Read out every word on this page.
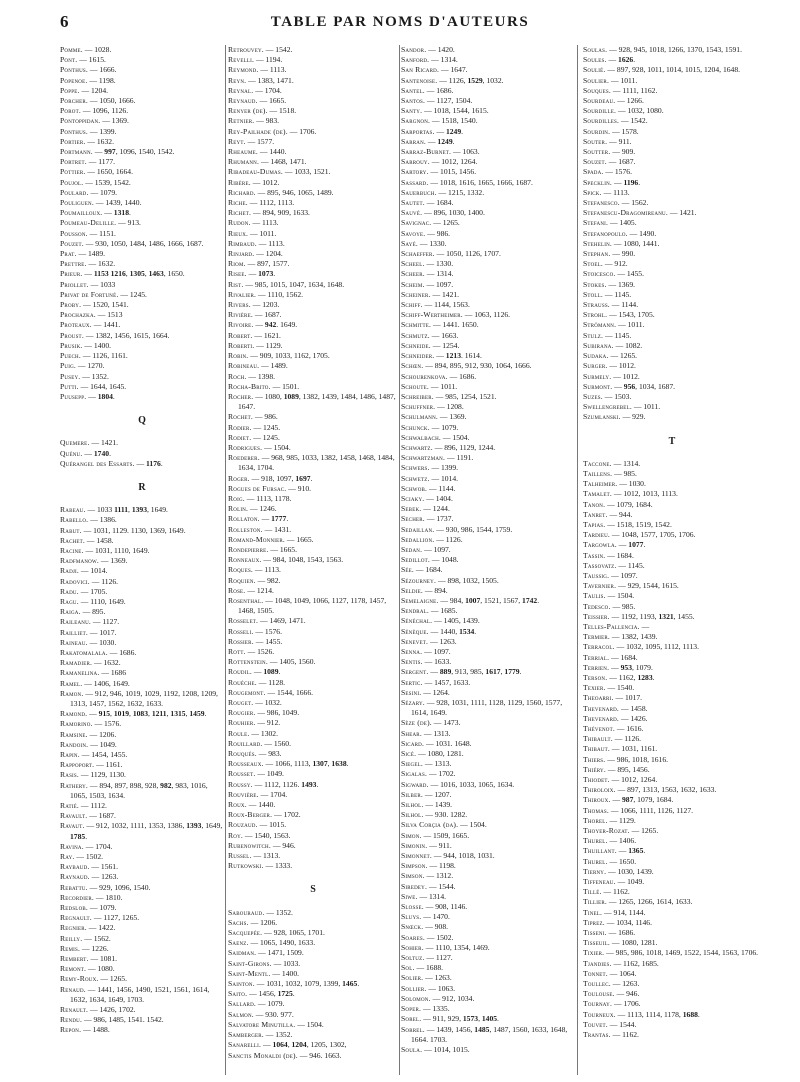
6	TABLE PAR NOMS D'AUTEURS
Pomme. — 1028.
Pont. — 1615.
Ponthus. — 1666.
Popenoe. — 1198.
Poppe. — 1204.
Porcher. — 1050, 1666.
Porot. — 1096, 1126.
Pontoppidan. — 1369.
Ponthus. — 1399.
Portier. — 1632.
Portmann. — 997, 1096, 1540, 1542.
Portret. — 1177.
Pottier. — 1650, 1664.
Poujol. — 1539, 1542.
Poulard. — 1079.
Pouliguen. — 1439, 1440.
Poumailloux. — 1318.
Poumeau-Delille. — 913.
Pousson. — 1151.
Pouzet. — 930, 1050, 1484, 1486, 1666, 1687.
Prat. — 1489.
Prettre. — 1632.
Prieur. — 1153 1216, 1305, 1463, 1650.
Priollet. — 1033
Privat de Fortuné. — 1245.
Proby. — 1520, 1541.
Prochazka. — 1513
Proteaux. — 1441.
Proust. — 1382, 1456, 1615, 1664.
Prusik. — 1400.
Puech. — 1126, 1161.
Puig. — 1270.
Pusey. — 1352.
Putti. — 1644, 1645.
Puusepp. — 1804.
Q
Quemere. — 1421.
Quénu. — 1740.
Quérangel des Essarts. — 1176.
R
Rabeau. — 1033 1111, 1393, 1649.
Rabello. — 1386.
Rabut. — 1031, 1129. 1130, 1369, 1649.
Rachet. — 1458.
Racine. — 1031, 1110, 1649.
Radfmanow. — 1369.
Radji. — 1014.
Radovici. — 1126.
Radu. — 1705.
Ragu. — 1110, 1649.
Raiga. — 895.
Raileanu. — 1127.
Railliet. — 1017.
Raineau. — 1030.
Rakatomalala. — 1686.
Ramadier. — 1632.
Ramanelina. — 1686
Ramel. — 1406, 1649.
Ramon. — 912, 946, 1019, 1029, 1192, 1208, 1209, 1313, 1457, 1562, 1632, 1633.
Ramond. — 915, 1019, 1083, 1211, 1315, 1459.
Ramorino. — 1576.
Ramsine. — 1206.
Randoin. — 1049.
Rapin. — 1454, 1455.
Rappoport. — 1161.
Rasis. — 1129, 1130.
Rathery. — 894, 897, 898, 928, 982, 983, 1016, 1065, 1503, 1634.
Ratié. — 1112.
Ravault. — 1687.
Ravaut. — 912, 1032, 1111, 1353, 1386, 1393, 1649, 1785.
Ravina. — 1704.
Ray. — 1502.
Raybaud. — 1561.
Raynaud. — 1263.
Rebattu. — 929, 1096, 1540.
Recordier. — 1810.
Redslob. — 1079.
Regnault. — 1127, 1265.
Regnier. — 1422.
Reilly. — 1562.
Remis. — 1226.
Rembert. — 1081.
Remont. — 1080.
Remy-Roux. — 1265.
Renaud. — 1441, 1456, 1490, 1521, 1561, 1614, 1632, 1634, 1649, 1703.
Renault. — 1426, 1702.
Rendu. — 986, 1485, 1541. 1542.
Repon. — 1488.
Retrouvey. — 1542.
Revelli. — 1194.
Reymond. — 1113.
Reyn. — 1383, 1471.
Reynal. — 1704.
Reynaud. — 1665.
Renyer (de). — 1518.
Retnier. — 983.
Rey-Pailhade (de). — 1706.
Reyt. — 1577.
Rheaume. — 1440.
Rhumann. — 1468, 1471.
Ribadeau-Dumas. — 1033, 1521.
Ribère. — 1012.
Richard. — 895, 946, 1065, 1489.
Riche. — 1112, 1113.
Richet. — 894, 909, 1633.
Rudon. — 1113.
Rieux. — 1011.
Rimbaud. — 1113.
Rinjard. — 1204.
Riom. — 897, 1577.
Risee. — 1073.
Rist. — 985, 1015, 1047, 1634, 1648.
Rivalier. — 1110, 1562.
Rivers. — 1203.
Rivière. — 1687.
Rivoire. — 942. 1649.
Robert. — 1621.
Roberti. — 1129.
Robin. — 909, 1033, 1162, 1705.
Robineau. — 1489.
Roch. — 1398.
Rocha-Brito. — 1501.
Rocher. — 1080, 1089, 1382, 1439, 1484, 1486, 1487, 1647.
Rochet. — 986.
Rodier. — 1245.
Rodiet. — 1245.
Rodrigues. — 1504.
Roederer. — 968, 985, 1033, 1382, 1458, 1468, 1484, 1634, 1704.
Roger. — 918, 1097, 1697.
Rogues de Fursac. — 910.
Roig. — 1113, 1178.
Rolin. — 1246.
Rollaton. — 1777.
Rolleston. — 1431.
Romand-Monnier. — 1665.
Rondepierre. — 1665.
Ronneaux. — 984, 1048, 1543, 1563.
Roques. — 1113.
Roquien. — 982.
Rose. — 1214.
Rosenthal. — 1048, 1049, 1066, 1127, 1178, 1457, 1468, 1505.
Rosselet. — 1469, 1471.
Rosseli. — 1576.
Rossier. — 1455.
Rott. — 1526.
Rottenstein. — 1405, 1560.
Roudil. — 1089.
Rouéche. — 1128.
Rougemont. — 1544, 1666.
Rouget. — 1032.
Rougier. — 986, 1049.
Rouhier. — 912.
Roule. — 1302.
Rouillard. — 1560.
Rouqués. — 983.
Rousseaux. — 1066, 1113, 1307, 1638.
Rousset. — 1049.
Roussy. — 1112, 1126. 1493.
Rouvière. — 1704.
Roux. — 1440.
Roux-Berger. — 1702.
Rouzaud. — 1015.
Roy. — 1540, 1563.
Rubenowitch. — 946.
Russel. — 1313.
Rutkowski. — 1333.
S
Sabouraud. — 1352.
Sachs. — 1206.
Sacquepée. — 928, 1065, 1701.
Saenz. — 1065, 1490, 1633.
Saidman. — 1471, 1509.
Saint-Girons. — 1033.
Saint-Mentl. — 1400.
Sainton. — 1031, 1032, 1079, 1399, 1465.
Saito. — 1456, 1725.
Sallard. — 1079.
Salmon. — 930. 977.
Salvatore Minutilla. — 1504.
Samberger. — 1352.
Sanarelli. — 1064, 1204, 1205, 1302,
Sanctis Monaldi (de). — 946. 1663.
Sandor. — 1420.
Sanford. — 1314.
San Ricard. — 1647.
Santenoise. — 1126, 1529, 1032.
Santel. — 1686.
Santos. — 1127, 1504.
Santy. — 1018, 1544, 1615.
Sargnon. — 1518, 1540.
Sarportas. — 1249.
Sarran. — 1249.
Sarraz-Burnet. — 1063.
Sarrouy. — 1012, 1264.
Sartory. — 1015, 1456.
Sassard. — 1018, 1616, 1665, 1666, 1687.
Sauerbuch. — 1215, 1332.
Sautet. — 1684.
Sauvé. — 896, 1030, 1400.
Savignac. — 1265.
Savoye. — 986.
Sayé. — 1330.
Schaeffer. — 1050, 1126, 1707.
Scheel. — 1330.
Scheer. — 1314.
Scheim. — 1097.
Scheiner. — 1421.
Schiff. — 1144, 1563.
Schiff-Wertheimer. — 1063, 1126.
Schmitte. — 1441. 1650.
Schmutz. — 1663.
Schneide. — 1254.
Schneider. — 1213. 1614.
Schœn. — 894, 895, 912, 930, 1064, 1666.
Schourenkova. — 1686.
Schoute. — 1011.
Schreiber. — 985, 1254, 1521.
Schuffner. — 1208.
Schulmann. — 1369.
Schunck. — 1079.
Schwalbach. — 1504.
Schwartz. — 896, 1129, 1244.
Schwartzman. — 1191.
Schwers. — 1399.
Schwetz. — 1014.
Schwob. — 1144.
Sciaky. — 1404.
Sebek. — 1244.
Secher. — 1737.
Sedaillan. — 930, 986, 1544, 1759.
Sedallion. — 1126.
Sedan. — 1097.
Sedillot. — 1048.
Sée. — 1684.
Sézourney. — 898, 1032, 1505.
Seldie. — 894.
Semelaigne. — 984, 1007, 1521, 1567, 1742.
Sendral. — 1685.
Sénéchal. — 1405, 1439.
Sénèque. — 1440, 1534.
Senevet. — 1263.
Senna. — 1097.
Sentis. — 1633.
Sergent. — 889, 913, 985, 1617, 1779.
Sertic. — 1457, 1633.
Sesini. — 1264.
Sézary. — 928, 1031, 1111, 1128, 1129, 1560, 1577, 1614, 1649.
Sèze (de). — 1473.
Shear. — 1313.
Sicard. — 1031. 1648.
Sicé. — 1080, 1281.
Siegel. — 1313.
Sigalas. — 1702.
Sigward. — 1016, 1033, 1065, 1634.
Silber. — 1207.
Silhol. — 1439.
Silhol. — 930. 1282.
Silva Corçia (da). — 1504.
Simon. — 1509, 1665.
Simonin. — 911.
Simonnet. — 944, 1018, 1031.
Simpson. — 1198.
Simson. — 1312.
Siredey. — 1544.
Siwe. — 1314.
Slosse. — 908, 1146.
Sluys. — 1470.
Snœck. — 908.
Soares. — 1502.
Sohier. — 1110, 1354, 1469.
Soltuz. — 1127.
Sol. — 1688.
Solier. — 1263.
Sollier. — 1063.
Solomon. — 912, 1034.
Soper. — 1335.
Sorel. — 911, 929, 1573, 1405.
Sorrel. — 1439, 1456, 1485, 1487, 1560, 1633, 1648, 1664. 1703.
Soula. — 1014, 1015.
Soulas. — 928, 945, 1018, 1266, 1370, 1543, 1591.
Soules. — 1626.
Soulié. — 897, 928, 1011, 1014, 1015, 1204, 1648.
Soulier. — 1011.
Souques. — 1111, 1162.
Sourdeau. — 1266.
Sourdille. — 1032, 1080.
Sourdilles. — 1542.
Sourdin. — 1578.
Souter. — 911.
Soutter. — 909.
Souzet. — 1687.
Spada. — 1576.
Specklin. — 1196.
Spick. — 1113.
Stefanesco. — 1562.
Stefanescu-Dragomireanu. — 1421.
Stefani. — 1405.
Stefanopoulo. — 1490.
Stehelin. — 1080, 1441.
Stephan. — 990.
Stoel. — 912.
Stoicesco. — 1455.
Stokes. — 1369.
Stoll. — 1145.
Strauss. — 1144.
Strohl. — 1543, 1705.
Strömann. — 1011.
Stulz. — 1145.
Subirana. — 1082.
Sudaka. — 1265.
Surger. — 1012.
Surmely. — 1012.
Surmont. — 956, 1034, 1687.
Suzes. — 1503.
Swellengrebel. — 1011.
Szumlanski. — 929.
T
Taccone. — 1314.
Taillens. — 985.
Talheimer. — 1030.
Tamalet. — 1012, 1013, 1113.
Tanon. — 1079, 1684.
Tanret. — 944.
Tapias. — 1518, 1519, 1542.
Tardieu. — 1048, 1577, 1705, 1706.
Targowla. — 1077.
Tassin. — 1684.
Tassovatz. — 1145.
Taussig. — 1097.
Tavernier. — 929, 1544, 1615.
Taulis. — 1504.
Tedesco. — 985.
Teissier. — 1192, 1193, 1321, 1455.
Telles-Pallencia. —
Termier. — 1382, 1439.
Terracol. — 1032, 1095, 1112, 1113.
Terrial. — 1684.
Terrien. — 953, 1079.
Terson. — 1162, 1283.
Texier. — 1540.
Theoarri. — 1017.
Thevenard. — 1458.
Thevenard. — 1426.
Thévenot. — 1616.
Thibault. — 1126.
Thibaut. — 1031, 1161.
Thiers. — 986, 1018, 1616.
Thiéry. — 895, 1456.
Thiodet. — 1012, 1264.
Thiroloix. — 897, 1313, 1563, 1632, 1633.
Thiroux. — 987, 1079, 1684.
Thomas. — 1066, 1111, 1126, 1127.
Thorel. — 1129.
Thoyer-Rozat. — 1265.
Thurel. — 1406.
Thuillant. — 1365.
Thurel. — 1650.
Tierny. — 1030, 1439.
Tiffeneau. — 1049.
Tillé. — 1162.
Tillier. — 1265, 1266, 1614, 1633.
Tinel. — 914, 1144.
Tiprez. — 1034, 1146.
Tisseni. — 1686.
Tisseuil. — 1080, 1281.
Tixier. — 985, 986, 1018, 1469, 1522, 1544, 1563, 1706.
Tjandies. — 1162, 1685.
Tonnet. — 1064.
Toullec. — 1263.
Toulouse. — 946.
Tournay. — 1706.
Tourneux. — 1113, 1114, 1178, 1688.
Touvet. — 1544.
Trantas. — 1162.
